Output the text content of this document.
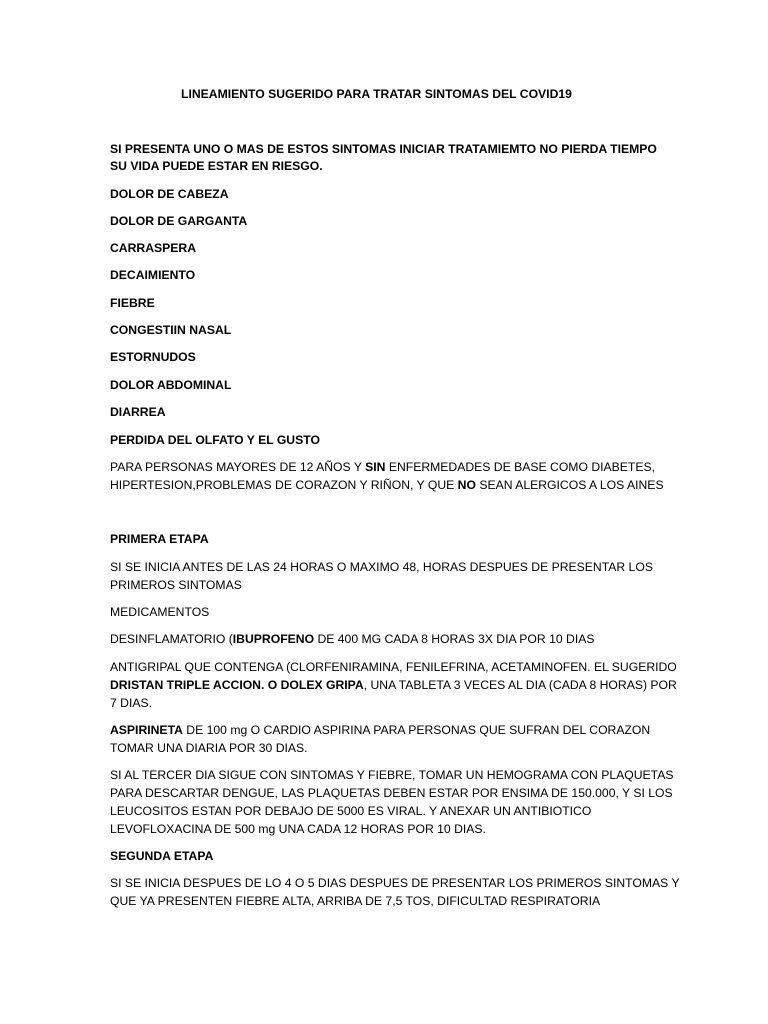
LINEAMIENTO SUGERIDO PARA TRATAR SINTOMAS DEL COVID19

SI PRESENTA UNO O MAS DE ESTOS SINTOMAS INICIAR TRATAMIEMTO NO PIERDA TIEMPO

SU VIDA PUEDE ESTAR EN RIESGO.

DOLOR DE CABEZA

DOLOR DE GARGANTA

CARRASPERA

DECAIMIENTO

FIEBRE

CONGESTIIN NASAL

ESTORNUDOS

DOLOR ABDOMINAL

DIARREA

PERDIDA DEL OLFATO Y EL GUSTO

PARA PERSONAS MAYORES DE 12 AÑOS Y SIN ENFERMEDADES DE BASE COMO DIABETES,

HIPERTESION,PROBLEMAS DE CORAZON Y RIÑON, Y QUE NO SEAN ALERGICOS A LOS AINES

PRIMERA ETAPA

SI SE INICIA ANTES DE LAS 24 HORAS O MAXIMO 48, HORAS DESPUES DE PRESENTAR LOS

PRIMEROS SINTOMAS

MEDICAMENTOS

DESINFLAMATORIO (IBUPROFENO DE 400 MG CADA 8 HORAS 3X DIA POR 10 DIAS

ANTIGRIPAL QUE CONTENGA (CLORFENIRAMINA, FENILEFRINA, ACETAMINOFEN. EL SUGERIDO

DRISTAN TRIPLE ACCION. O DOLEX GRIPA, UNA TABLETA 3 VECES AL DIA (CADA 8 HORAS) POR

7 DIAS.

ASPIRINETA DE 100 mg O CARDIO ASPIRINA PARA PERSONAS QUE SUFRAN DEL CORAZON

TOMAR UNA DIARIA POR 30 DIAS.

SI AL TERCER DIA SIGUE CON SINTOMAS Y FIEBRE, TOMAR UN HEMOGRAMA CON PLAQUETAS

PARA DESCARTAR DENGUE, LAS PLAQUETAS DEBEN ESTAR POR ENSIMA DE 150.000, Y SI LOS

LEUCOSITOS ESTAN POR DEBAJO DE 5000 ES VIRAL. Y ANEXAR UN ANTIBIOTICO

LEVOFLOXACINA DE 500 mg UNA CADA 12 HORAS POR 10 DIAS.

SEGUNDA ETAPA

SI SE INICIA DESPUES DE LO 4 O 5 DIAS DESPUES DE PRESENTAR LOS PRIMEROS SINTOMAS Y

QUE YA PRESENTEN FIEBRE ALTA, ARRIBA DE 7,5 TOS, DIFICULTAD RESPIRATORIA
